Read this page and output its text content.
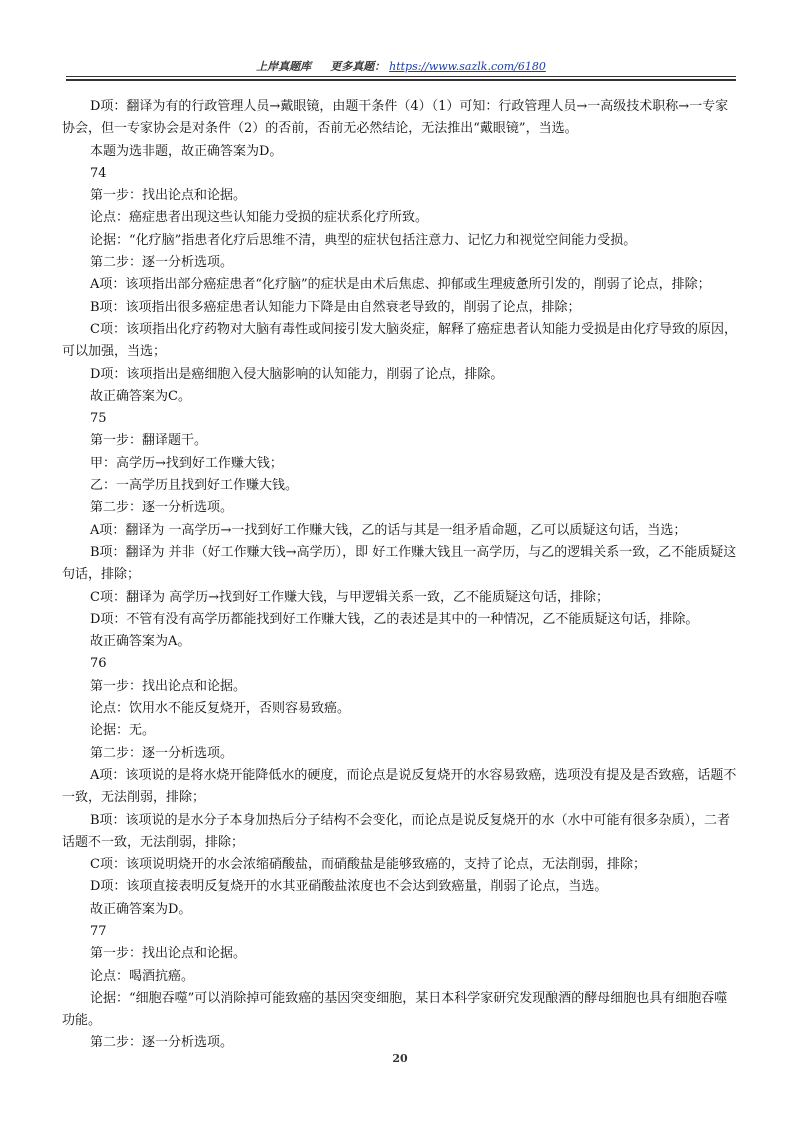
上岸真题库 更多真题： https://www.sazlk.com/6180

D项：翻译为有的行政管理人员→戴眼镜，由题干条件（4）（1）可知：行政管理人员→一高级技术职称→一专家协会，但一专家协会是对条件（2）的否前，否前无必然结论，无法推出“戴眼镜”，当选。

本题为选非题，故正确答案为D。

74

第一步：找出论点和论据。

论点：癌症患者出现这些认知能力受损的症状系化疗所致。

论据：“化疗脑”指患者化疗后思维不清，典型的症状包括注意力、记忆力和视觉空间能力受损。

第二步：逐一分析选项。

A项：该项指出部分癌症患者“化疗脑”的症状是由术后焦虑、抑郁或生理疲惫所引发的，削弱了论点，排除；

B项：该项指出很多癌症患者认知能力下降是由自然衰老导致的，削弱了论点，排除；

C项：该项指出化疗药物对大脑有毒性或间接引发大脑炎症，解释了癌症患者认知能力受损是由化疗导致的原因，可以加强，当选；

D项：该项指出是癌细胞入侵大脑影响的认知能力，削弱了论点，排除。

故正确答案为C。

75

第一步：翻译题干。

甲：高学历→找到好工作赚大钱；

乙：一高学历且找到好工作赚大钱。

第二步：逐一分析选项。

A项：翻译为 一高学历→一找到好工作赚大钱，乙的话与其是一组矛盾命题，乙可以质疑这句话，当选；

B项：翻译为 并非（好工作赚大钱→高学历），即 好工作赚大钱且一高学历，与乙的逻辑关系一致，乙不能质疑这句话，排除；

C项：翻译为 高学历→找到好工作赚大钱，与甲逻辑关系一致，乙不能质疑这句话，排除；

D项：不管有没有高学历都能找到好工作赚大钱，乙的表述是其中的一种情况，乙不能质疑这句话，排除。

故正确答案为A。

76

第一步：找出论点和论据。

论点：饮用水不能反复烧开，否则容易致癌。

论据：无。

第二步：逐一分析选项。

A项：该项说的是将水烧开能降低水的硬度，而论点是说反复烧开的水容易致癌，选项没有提及是否致癌，话题不一致，无法削弱，排除；

B项：该项说的是水分子本身加热后分子结构不会变化，而论点是说反复烧开的水（水中可能有很多杂质），二者话题不一致，无法削弱，排除；

C项：该项说明烧开的水会浓缩硝酸盐，而硝酸盐是能够致癌的，支持了论点，无法削弱，排除；

D项：该项直接表明反复烧开的水其亚硝酸盐浓度也不会达到致癌量，削弱了论点，当选。

故正确答案为D。

77

第一步：找出论点和论据。

论点：喝酒抗癌。

论据：“细胞吞噬”可以消除掉可能致癌的基因突变细胞，某日本科学家研究发现酿酒的酵母细胞也具有细胞吞噬功能。

第二步：逐一分析选项。

20
